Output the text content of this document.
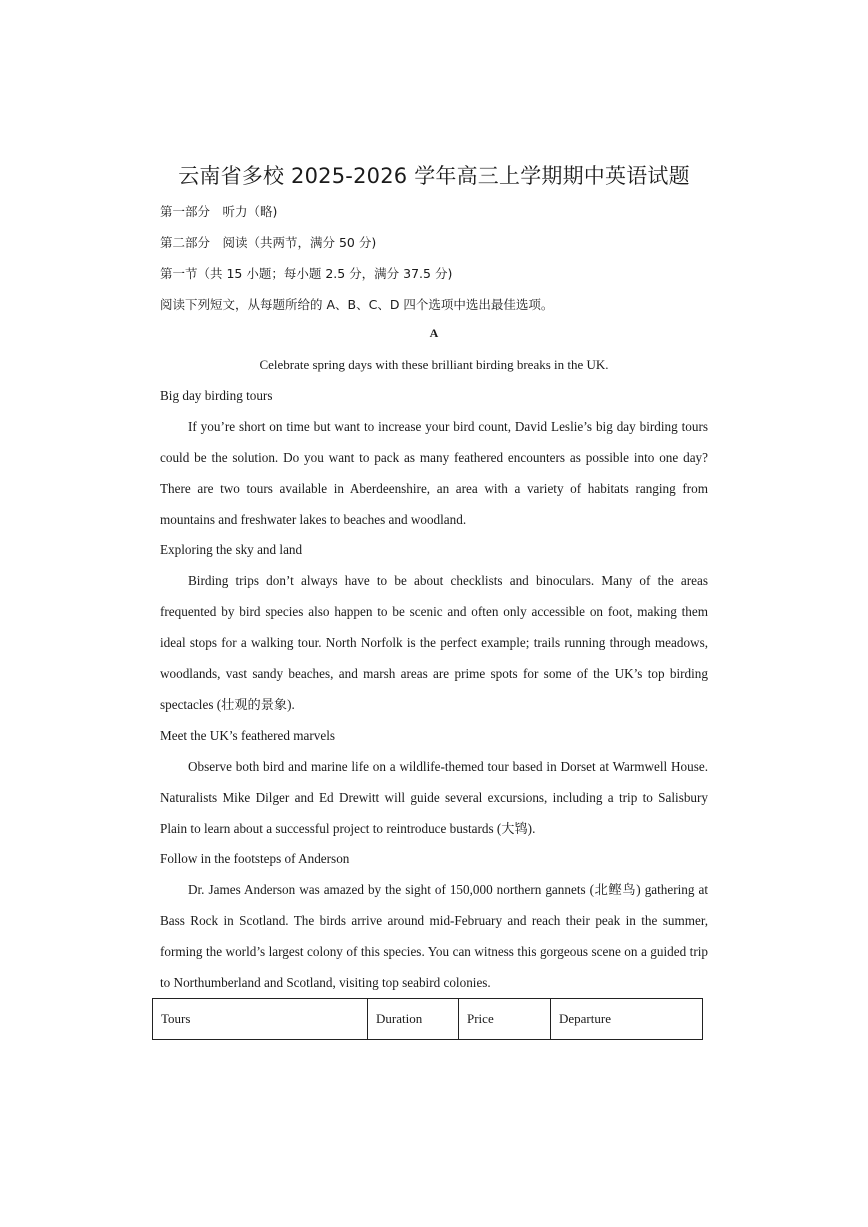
云南省多校 2025-2026 学年高三上学期期中英语试题
第一部分　听力（略)
第二部分　阅读（共两节，满分 50 分)
第一节（共 15 小题；每小题 2.5 分，满分 37.5 分)
阅读下列短文，从每题所给的 A、B、C、D 四个选项中选出最佳选项。
A
Celebrate spring days with these brilliant birding breaks in the UK.
Big day birding tours
If you’re short on time but want to increase your bird count, David Leslie’s big day birding tours could be the solution. Do you want to pack as many feathered encounters as possible into one day? There are two tours available in Aberdeenshire, an area with a variety of habitats ranging from mountains and freshwater lakes to beaches and woodland.
Exploring the sky and land
Birding trips don’t always have to be about checklists and binoculars. Many of the areas frequented by bird species also happen to be scenic and often only accessible on foot, making them ideal stops for a walking tour. North Norfolk is the perfect example; trails running through meadows, woodlands, vast sandy beaches, and marsh areas are prime spots for some of the UK’s top birding spectacles (壮观的景象).
Meet the UK’s feathered marvels
Observe both bird and marine life on a wildlife-themed tour based in Dorset at Warmwell House. Naturalists Mike Dilger and Ed Drewitt will guide several excursions, including a trip to Salisbury Plain to learn about a successful project to reintroduce bustards (大鸨).
Follow in the footsteps of Anderson
Dr. James Anderson was amazed by the sight of 150,000 northern gannets (北鲣鸟) gathering at Bass Rock in Scotland. The birds arrive around mid-February and reach their peak in the summer, forming the world’s largest colony of this species. You can witness this gorgeous scene on a guided trip to Northumberland and Scotland, visiting top seabird colonies.
Tours	Duration	Price	Departure
